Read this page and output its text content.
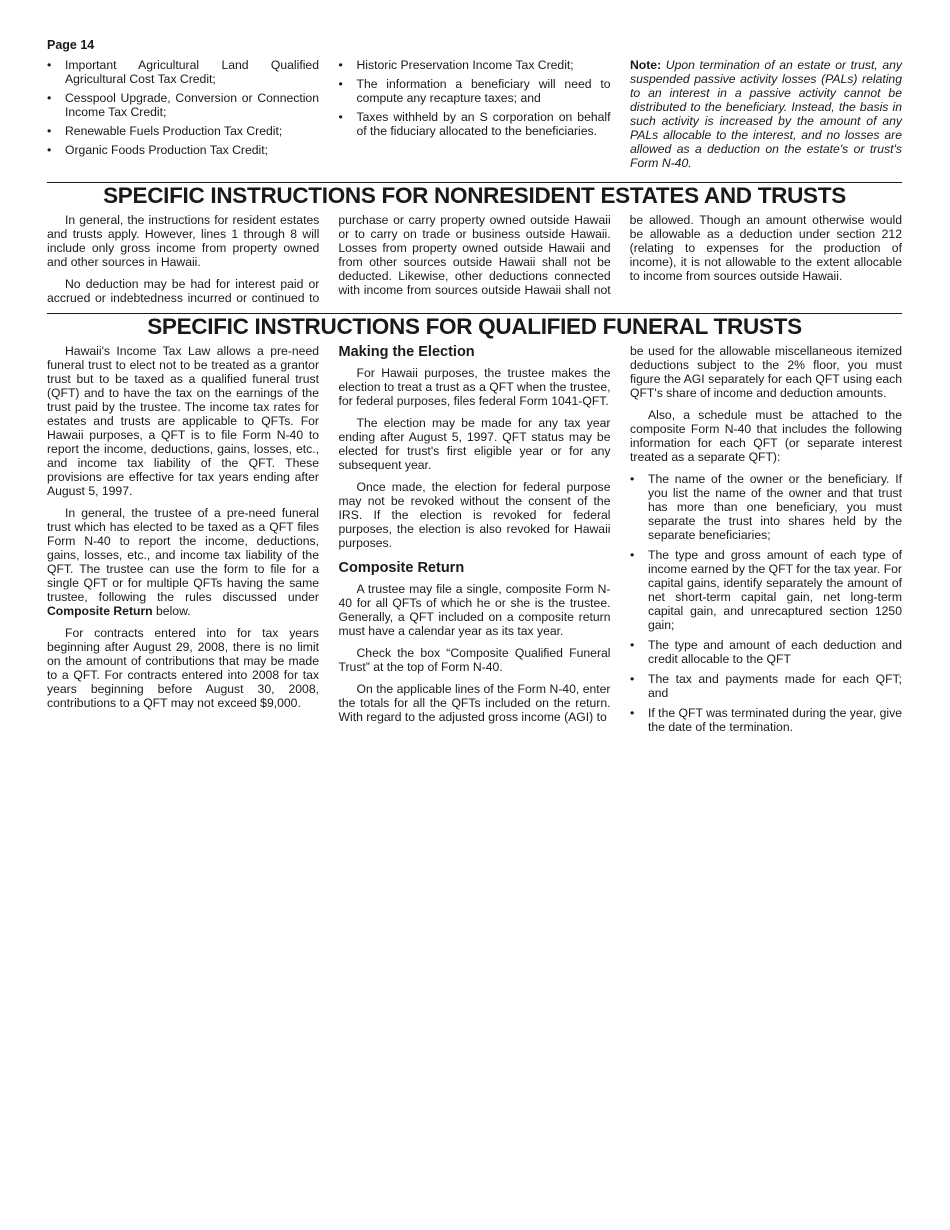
Page 14
• Important Agricultural Land Qualified Agricultural Cost Tax Credit;
• Cesspool Upgrade, Conversion or Connection Income Tax Credit;
• Renewable Fuels Production Tax Credit;
• Organic Foods Production Tax Credit;
• Historic Preservation Income Tax Credit;
• The information a beneficiary will need to compute any recapture taxes; and
• Taxes withheld by an S corporation on behalf of the fiduciary allocated to the beneficiaries.
Note: Upon termination of an estate or trust, any suspended passive activity losses (PALs) relating to an interest in a passive activity cannot be distributed to the beneficiary. Instead, the basis in such activity is increased by the amount of any PALs allocable to the interest, and no losses are allowed as a deduction on the estate's or trust's Form N-40.
SPECIFIC INSTRUCTIONS FOR NONRESIDENT ESTATES AND TRUSTS

In general, the instructions for resident estates and trusts apply. However, lines 1 through 8 will include only gross income from property owned and other sources in Hawaii.

No deduction may be had for interest paid or accrued or indebtedness incurred or continued to purchase or carry property owned outside Hawaii or to carry on trade or business outside Hawaii. Losses from property owned outside Hawaii and from other sources outside Hawaii shall not be deducted. Likewise, other deductions connected with income from sources outside Hawaii shall not be allowed. Though an amount otherwise would be allowable as a deduction under section 212 (relating to expenses for the production of income), it is not allowable to the extent allocable to income from sources outside Hawaii.

SPECIFIC INSTRUCTIONS FOR QUALIFIED FUNERAL TRUSTS

Hawaii's Income Tax Law allows a pre-need funeral trust to elect not to be treated as a grantor trust but to be taxed as a qualified funeral trust (QFT) and to have the tax on the earnings of the trust paid by the trustee. The income tax rates for estates and trusts are applicable to QFTs. For Hawaii purposes, a QFT is to file Form N-40 to report the income, deductions, gains, losses, etc., and income tax liability of the QFT. These provisions are effective for tax years ending after August 5, 1997.

In general, the trustee of a pre-need funeral trust which has elected to be taxed as a QFT files Form N-40 to report the income, deductions, gains, losses, etc., and income tax liability of the QFT. The trustee can use the form to file for a single QFT or for multiple QFTs having the same trustee, following the rules discussed under Composite Return below.

For contracts entered into for tax years beginning after August 29, 2008, there is no limit on the amount of contributions that may be made to a QFT. For contracts entered into 2008 for tax years beginning before August 30, 2008, contributions to a QFT may not exceed $9,000.

Making the Election

For Hawaii purposes, the trustee makes the election to treat a trust as a QFT when the trustee, for federal purposes, files federal Form 1041-QFT.

The election may be made for any tax year ending after August 5, 1997. QFT status may be elected for trust's first eligible year or for any subsequent year.

Once made, the election for federal purpose may not be revoked without the consent of the IRS. If the election is revoked for federal purposes, the election is also revoked for Hawaii purposes.

Composite Return

A trustee may file a single, composite Form N-40 for all QFTs of which he or she is the trustee. Generally, a QFT included on a composite return must have a calendar year as its tax year.

Check the box “Composite Qualified Funeral Trust” at the top of Form N-40.

On the applicable lines of the Form N-40, enter the totals for all the QFTs included on the return. With regard to the adjusted gross income (AGI) to

be used for the allowable miscellaneous itemized deductions subject to the 2% floor, you must figure the AGI separately for each QFT using each QFT's share of income and deduction amounts.

Also, a schedule must be attached to the composite Form N-40 that includes the following information for each QFT (or separate interest treated as a separate QFT):

• The name of the owner or the beneficiary. If you list the name of the owner and that trust has more than one beneficiary, you must separate the trust into shares held by the separate beneficiaries;
• The type and gross amount of each type of income earned by the QFT for the tax year. For capital gains, identify separately the amount of net short-term capital gain, net long-term capital gain, and unrecaptured section 1250 gain;
• The type and amount of each deduction and credit allocable to the QFT
• The tax and payments made for each QFT; and
• If the QFT was terminated during the year, give the date of the termination.
